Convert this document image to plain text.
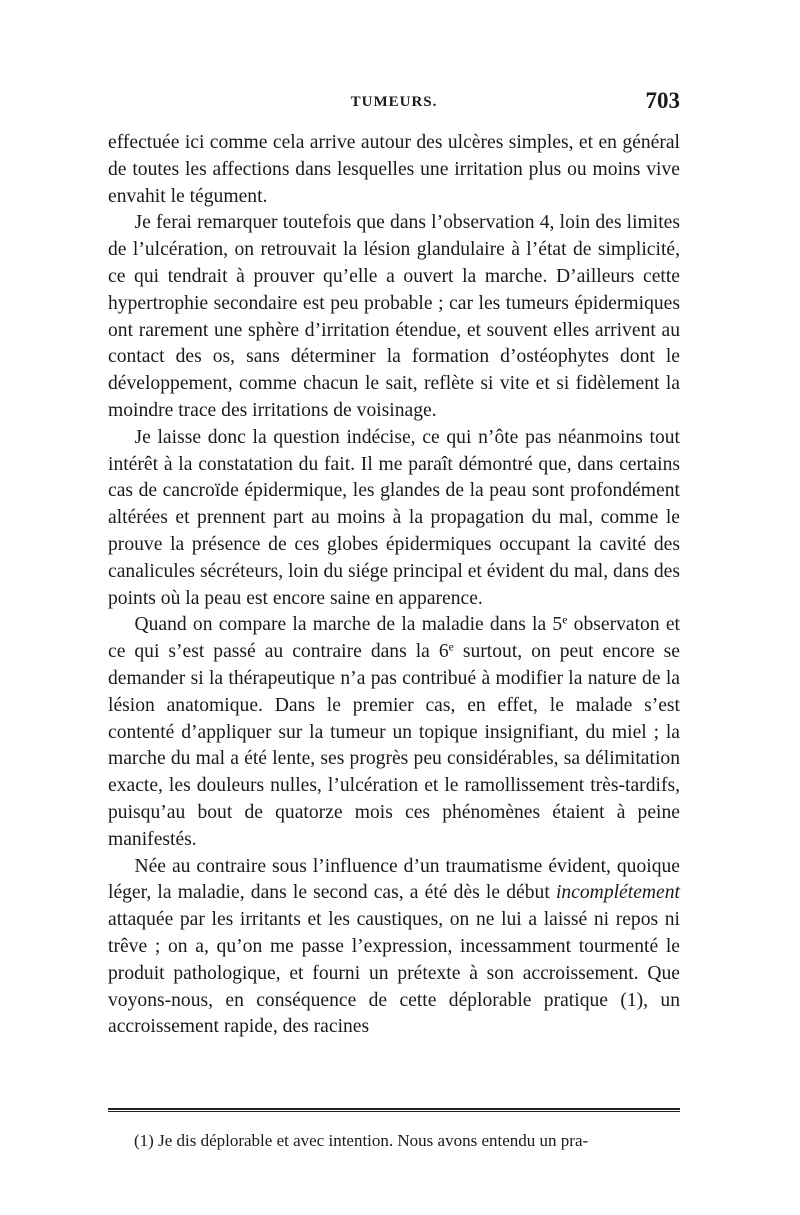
TUMEURS.	703

effectuée ici comme cela arrive autour des ulcères simples, et en général de toutes les affections dans lesquelles une irritation plus ou moins vive envahit le tégument.

Je ferai remarquer toutefois que dans l’observation 4, loin des limites de l’ulcération, on retrouvait la lésion glandulaire à l’état de simplicité, ce qui tendrait à prouver qu’elle a ouvert la marche. D’ailleurs cette hypertrophie secondaire est peu probable ; car les tumeurs épidermiques ont rarement une sphère d’irritation étendue, et souvent elles arrivent au contact des os, sans déterminer la formation d’ostéophytes dont le développement, comme chacun le sait, reflète si vite et si fidèlement la moindre trace des irritations de voisinage.

Je laisse donc la question indécise, ce qui n’ôte pas néanmoins tout intérêt à la constatation du fait. Il me paraît démontré que, dans certains cas de cancroïde épidermique, les glandes de la peau sont profondément altérées et prennent part au moins à la propagation du mal, comme le prouve la présence de ces globes épidermiques occupant la cavité des canalicules sécréteurs, loin du siége principal et évident du mal, dans des points où la peau est encore saine en apparence.

Quand on compare la marche de la maladie dans la 5e observaton et ce qui s’est passé au contraire dans la 6e surtout, on peut encore se demander si la thérapeutique n’a pas contribué à modifier la nature de la lésion anatomique. Dans le premier cas, en effet, le malade s’est contenté d’appliquer sur la tumeur un topique insignifiant, du miel ; la marche du mal a été lente, ses progrès peu considérables, sa délimitation exacte, les douleurs nulles, l’ulcération et le ramollissement très-tardifs, puisqu’au bout de quatorze mois ces phénomènes étaient à peine manifestés.

Née au contraire sous l’influence d’un traumatisme évident, quoique léger, la maladie, dans le second cas, a été dès le début incomplétement attaquée par les irritants et les caustiques, on ne lui a laissé ni repos ni trêve ; on a, qu’on me passe l’expression, incessamment tourmenté le produit pathologique, et fourni un prétexte à son accroissement. Que voyons-nous, en conséquence de cette déplorable pratique (1), un accroissement rapide, des racines

(1) Je dis déplorable et avec intention. Nous avons entendu un pra-
